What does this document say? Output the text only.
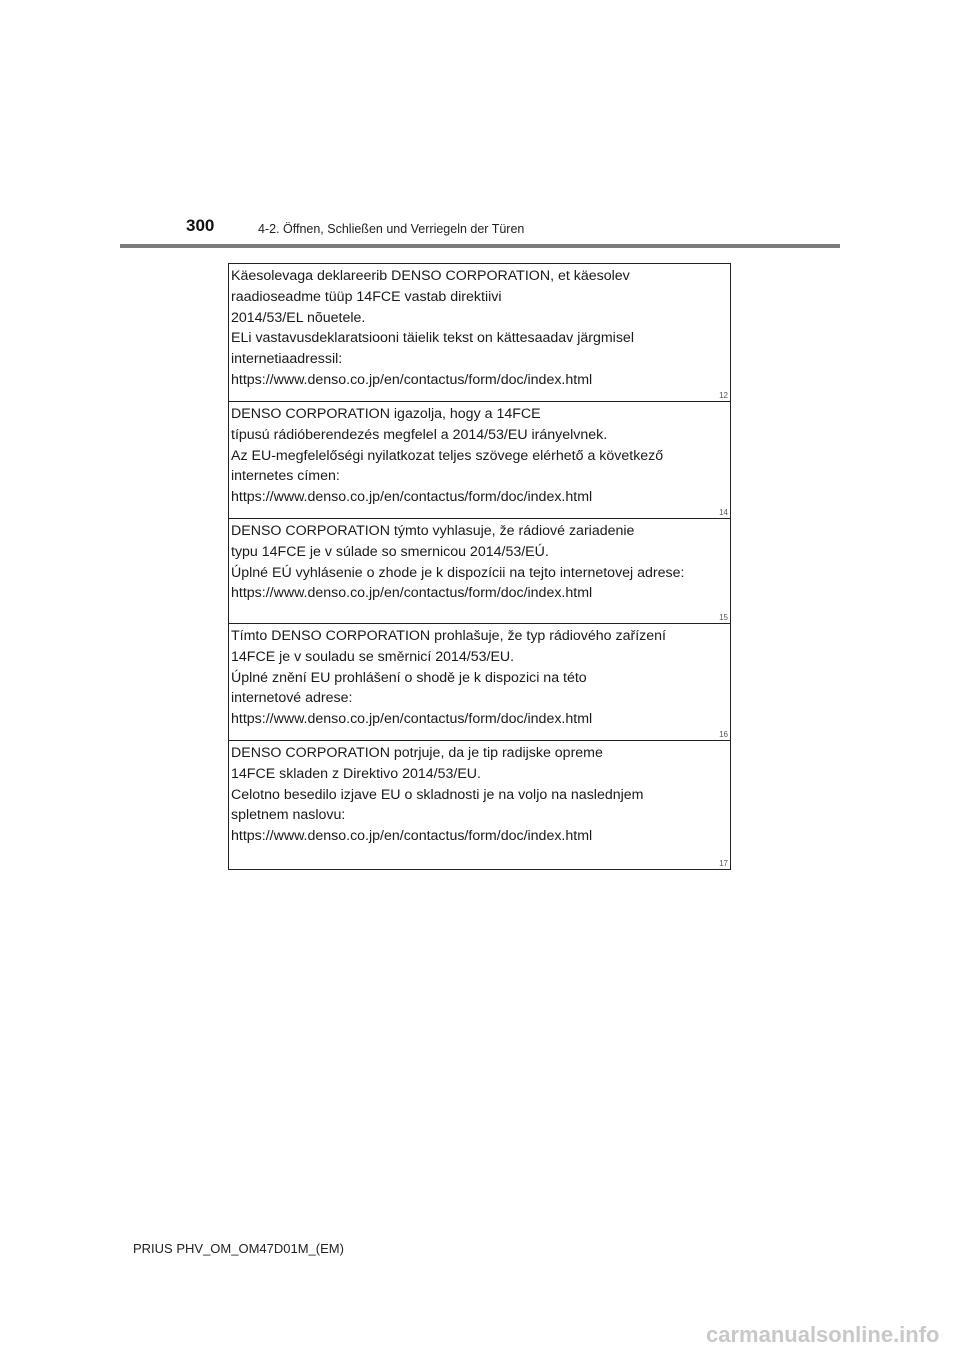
300	4-2. Öffnen, Schließen und Verriegeln der Türen
Käesolevaga deklareerib DENSO CORPORATION, et käesolev
raadioseadme tüüp 14FCE vastab direktiivi
2014/53/EL nõuetele.
ELi vastavusdeklaratsiooni täielik tekst on kättesaadav järgmisel
internetiaadressil:
https://www.denso.co.jp/en/contactus/form/doc/index.html
12
DENSO CORPORATION igazolja, hogy a 14FCE
típusú rádióberendezés megfelel a 2014/53/EU irányelvnek.
Az EU-megfelelőségi nyilatkozat teljes szövege elérhető a következő
internetes címen:
https://www.denso.co.jp/en/contactus/form/doc/index.html
14
DENSO CORPORATION týmto vyhlasuje, že rádiové zariadenie
typu 14FCE je v súlade so smernicou 2014/53/EÚ.
Úplné EÚ vyhlásenie o zhode je k dispozícii na tejto internetovej adrese:
https://www.denso.co.jp/en/contactus/form/doc/index.html
15
Tímto DENSO CORPORATION prohlašuje, že typ rádiového zařízení
14FCE je v souladu se směrnicí 2014/53/EU.
Úplné znění EU prohlášení o shodě je k dispozici na této
internetové adrese:
https://www.denso.co.jp/en/contactus/form/doc/index.html
16
DENSO CORPORATION potrjuje, da je tip radijske opreme
14FCE skladen z Direktivo 2014/53/EU.
Celotno besedilo izjave EU o skladnosti je na voljo na naslednjem
spletnem naslovu:
https://www.denso.co.jp/en/contactus/form/doc/index.html
17
PRIUS PHV_OM_OM47D01M_(EM)
carmanualsonline.info
